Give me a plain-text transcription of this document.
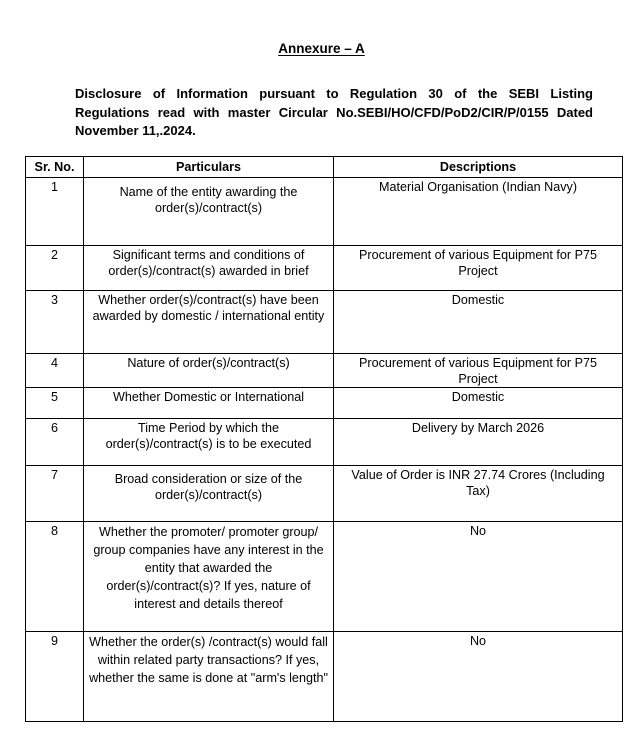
Annexure – A
Disclosure of Information pursuant to Regulation 30 of the SEBI Listing Regulations read with master Circular No.SEBI/HO/CFD/PoD2/CIR/P/0155 Dated November 11,.2024.
Sr. No.	Particulars	Descriptions
1	Name of the entity awarding the order(s)/contract(s)	Material Organisation (Indian Navy)
2	Significant terms and conditions of order(s)/contract(s) awarded in brief	Procurement of various Equipment for P75 Project
3	Whether order(s)/contract(s) have been awarded by domestic / international entity	Domestic
4	Nature of order(s)/contract(s)	Procurement of various Equipment for P75 Project
5	Whether Domestic or International	Domestic
6	Time Period by which the order(s)/contract(s) is to be executed	Delivery by March 2026
7	Broad consideration or size of the order(s)/contract(s)	Value of Order is INR 27.74 Crores (Including Tax)
8	Whether the promoter/ promoter group/ group companies have any interest in the entity that awarded the order(s)/contract(s)? If yes, nature of interest and details thereof	No
9	Whether the order(s) /contract(s) would fall within related party transactions? If yes, whether the same is done at "arm's length"	No
